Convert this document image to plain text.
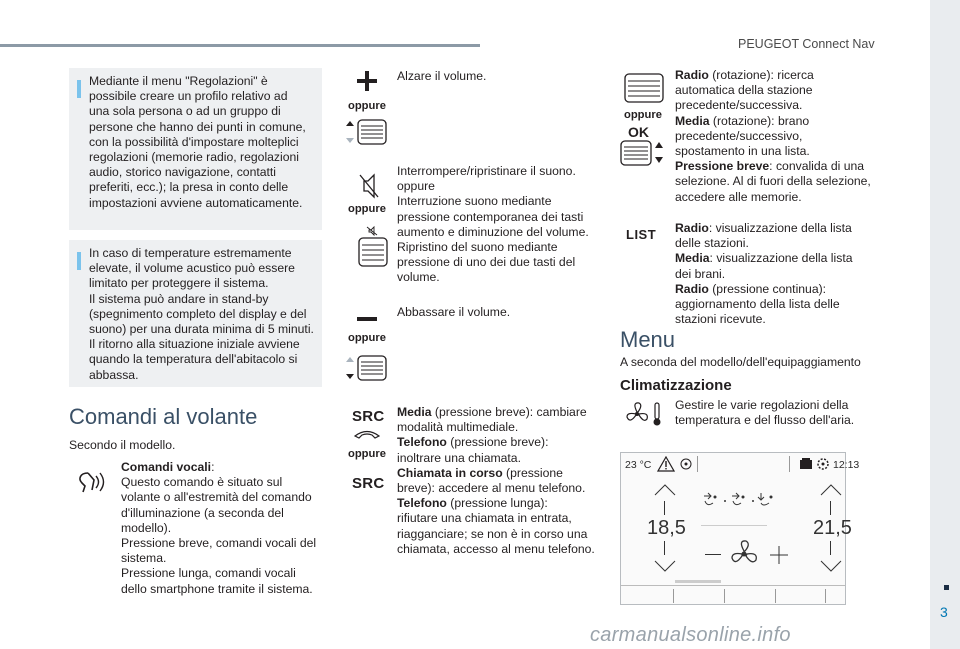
PEUGEOT Connect Nav
3
carmanualsonline.info
Mediante il menu "Regolazioni" è
possibile creare un profilo relativo ad
una sola persona o ad un gruppo di
persone che hanno dei punti in comune,
con la possibilità d'impostare molteplici
regolazioni (memorie radio, regolazioni
audio, storico navigazione, contatti
preferiti, ecc.); la presa in conto delle
impostazioni avviene automaticamente.
In caso di temperature estremamente
elevate, il volume acustico può essere
limitato per proteggere il sistema.
Il sistema può andare in stand-by
(spegnimento completo del display e del
suono) per una durata minima di 5 minuti.
Il ritorno alla situazione iniziale avviene
quando la temperatura dell'abitacolo si
abbassa.
Comandi al volante
Secondo il modello.
Comandi vocali:
Questo comando è situato sul
volante o all'estremità del comando
d'illuminazione (a seconda del
modello).
Pressione breve, comandi vocali del
sistema.
Pressione lunga, comandi vocali
dello smartphone tramite il sistema.
oppure
Alzare il volume.
oppure
Interrompere/ripristinare il suono.
oppure
Interruzione suono mediante
pressione contemporanea dei tasti
aumento e diminuzione del volume.
Ripristino del suono mediante
pressione di uno dei due tasti del
volume.
oppure
Abbassare il volume.
SRC
oppure
SRC
Media (pressione breve): cambiare
modalità multimediale.
Telefono (pressione breve):
inoltrare una chiamata.
Chiamata in corso (pressione
breve): accedere al menu telefono.
Telefono (pressione lunga):
rifiutare una chiamata in entrata,
riagganciare; se non è in corso una
chiamata, accesso al menu telefono.
oppure
OK
Radio (rotazione): ricerca
automatica della stazione
precedente/successiva.
Media (rotazione): brano
precedente/successivo,
spostamento in una lista.
Pressione breve: convalida di una
selezione. Al di fuori della selezione,
accedere alle memorie.
LIST Radio: visualizzazione della lista
delle stazioni.
Media: visualizzazione della lista
dei brani.
Radio (pressione continua):
aggiornamento della lista delle
stazioni ricevute.
Menu
A seconda del modello/dell'equipaggiamento
Climatizzazione
Gestire le varie regolazioni della
temperatura e del flusso dell'aria.
23 °C	12:13
18,5	21,5
